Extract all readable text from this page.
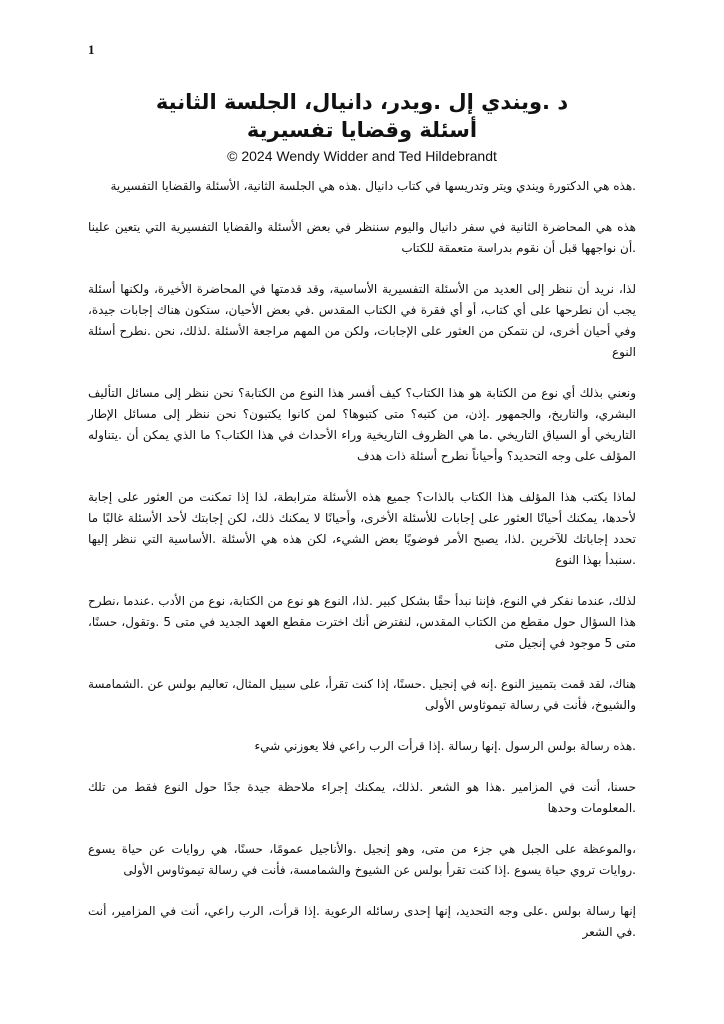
1
د .ويندي إل .ويدر، دانيال، الجلسة الثانية
أسئلة وقضايا تفسيرية
© 2024 Wendy Widder and Ted Hildebrandt

.هذه هي الدكتورة ويندي ويتر وتدريسها في كتاب دانيال .هذه هي الجلسة الثانية، الأسئلة والقضايا التفسيرية

هذه هي المحاضرة الثانية في سفر دانيال واليوم سننظر في بعض الأسئلة والقضايا التفسيرية التي يتعين علينا .أن نواجهها قبل أن نقوم بدراسة متعمقة للكتاب

لذا، نريد أن ننظر إلى العديد من الأسئلة التفسيرية الأساسية، وقد قدمتها في المحاضرة الأخيرة، ولكنها أسئلة يجب أن نطرحها على أي كتاب، أو أي فقرة في الكتاب المقدس .في بعض الأحيان، ستكون هناك إجابات جيدة، وفي أحيان أخرى، لن نتمكن من العثور على الإجابات، ولكن من المهم مراجعة الأسئلة .لذلك، نحن .نطرح أسئلة النوع

ونعني بذلك أي نوع من الكتابة هو هذا الكتاب؟ كيف أفسر هذا النوع من الكتابة؟ نحن ننظر إلى مسائل التأليف البشري، والتاريخ، والجمهور .إذن، من كتبه؟ متى كتبوها؟ لمن كانوا يكتبون؟ نحن ننظر إلى مسائل الإطار التاريخي أو السياق التاريخي .ما هي الظروف التاريخية وراء الأحداث في هذا الكتاب؟ ما الذي يمكن أن .يتناوله المؤلف على وجه التحديد؟ وأحياناً نطرح أسئلة ذات هدف

لماذا يكتب هذا المؤلف هذا الكتاب بالذات؟ جميع هذه الأسئلة مترابطة، لذا إذا تمكنت من العثور على إجابة لأحدها، يمكنك أحيانًا العثور على إجابات للأسئلة الأخرى، وأحيانًا لا يمكنك ذلك، لكن إجابتك لأحد الأسئلة غالبًا ما تحدد إجاباتك للآخرين .لذا، يصبح الأمر فوضويًا بعض الشيء، لكن هذه هي الأسئلة .الأساسية التي ننظر إليها .سنبدأ بهذا النوع

لذلك، عندما نفكر في النوع، فإننا نبدأ حقًا بشكل كبير .لذا، النوع هو نوع من الكتابة، نوع من الأدب .عندما ،نطرح هذا السؤال حول مقطع من الكتاب المقدس، لنفترض أنك اخترت مقطع العهد الجديد في متى 5 .وتقول، حسنًا، متى 5 موجود في إنجيل متى

هناك، لقد قمت بتمييز النوع .إنه في إنجيل .حسنًا، إذا كنت تقرأ، على سبيل المثال، تعاليم بولس عن .الشمامسة والشيوخ، فأنت في رسالة تيموثاوس الأولى

.هذه رسالة بولس الرسول .إنها رسالة .إذا قرأت الرب راعي فلا يعوزني شيء

حسنا، أنت في المزامير .هذا هو الشعر .لذلك، يمكنك إجراء ملاحظة جيدة جدًا حول النوع فقط من تلك .المعلومات وحدها

،والموعظة على الجبل هي جزء من متى، وهو إنجيل .والأناجيل عمومًا، حسنًا، هي روايات عن حياة يسوع .روايات تروي حياة يسوع .إذا كنت تقرأ بولس عن الشيوخ والشمامسة، فأنت في رسالة تيموثاوس الأولى

إنها رسالة بولس .على وجه التحديد، إنها إحدى رسائله الرعوية .إذا قرأت، الرب راعي، أنت في المزامير، أنت .في الشعر
